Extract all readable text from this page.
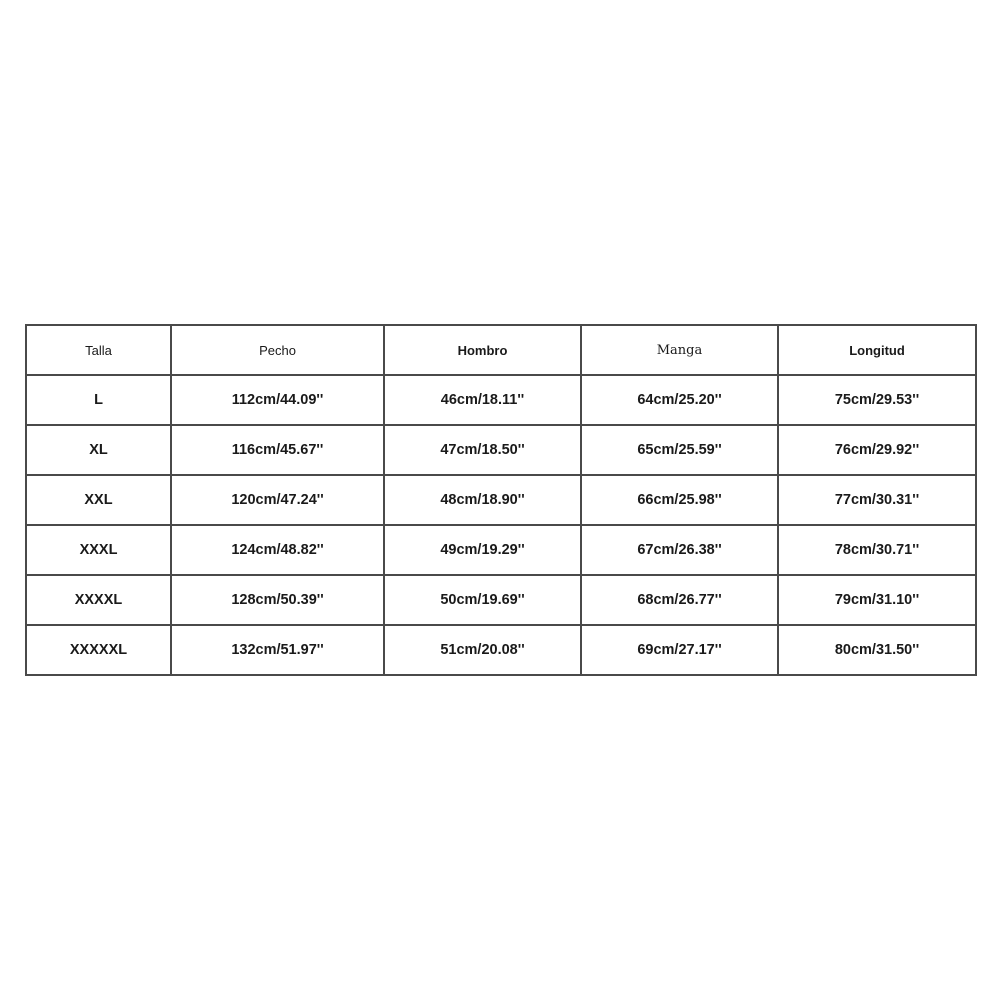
Talla	Pecho	Hombro	Manga	Longitud
L	112cm/44.09''	46cm/18.11''	64cm/25.20''	75cm/29.53''
XL	116cm/45.67''	47cm/18.50''	65cm/25.59''	76cm/29.92''
XXL	120cm/47.24''	48cm/18.90''	66cm/25.98''	77cm/30.31''
XXXL	124cm/48.82''	49cm/19.29''	67cm/26.38''	78cm/30.71''
XXXXL	128cm/50.39''	50cm/19.69''	68cm/26.77''	79cm/31.10''
XXXXXL	132cm/51.97''	51cm/20.08''	69cm/27.17''	80cm/31.50''
